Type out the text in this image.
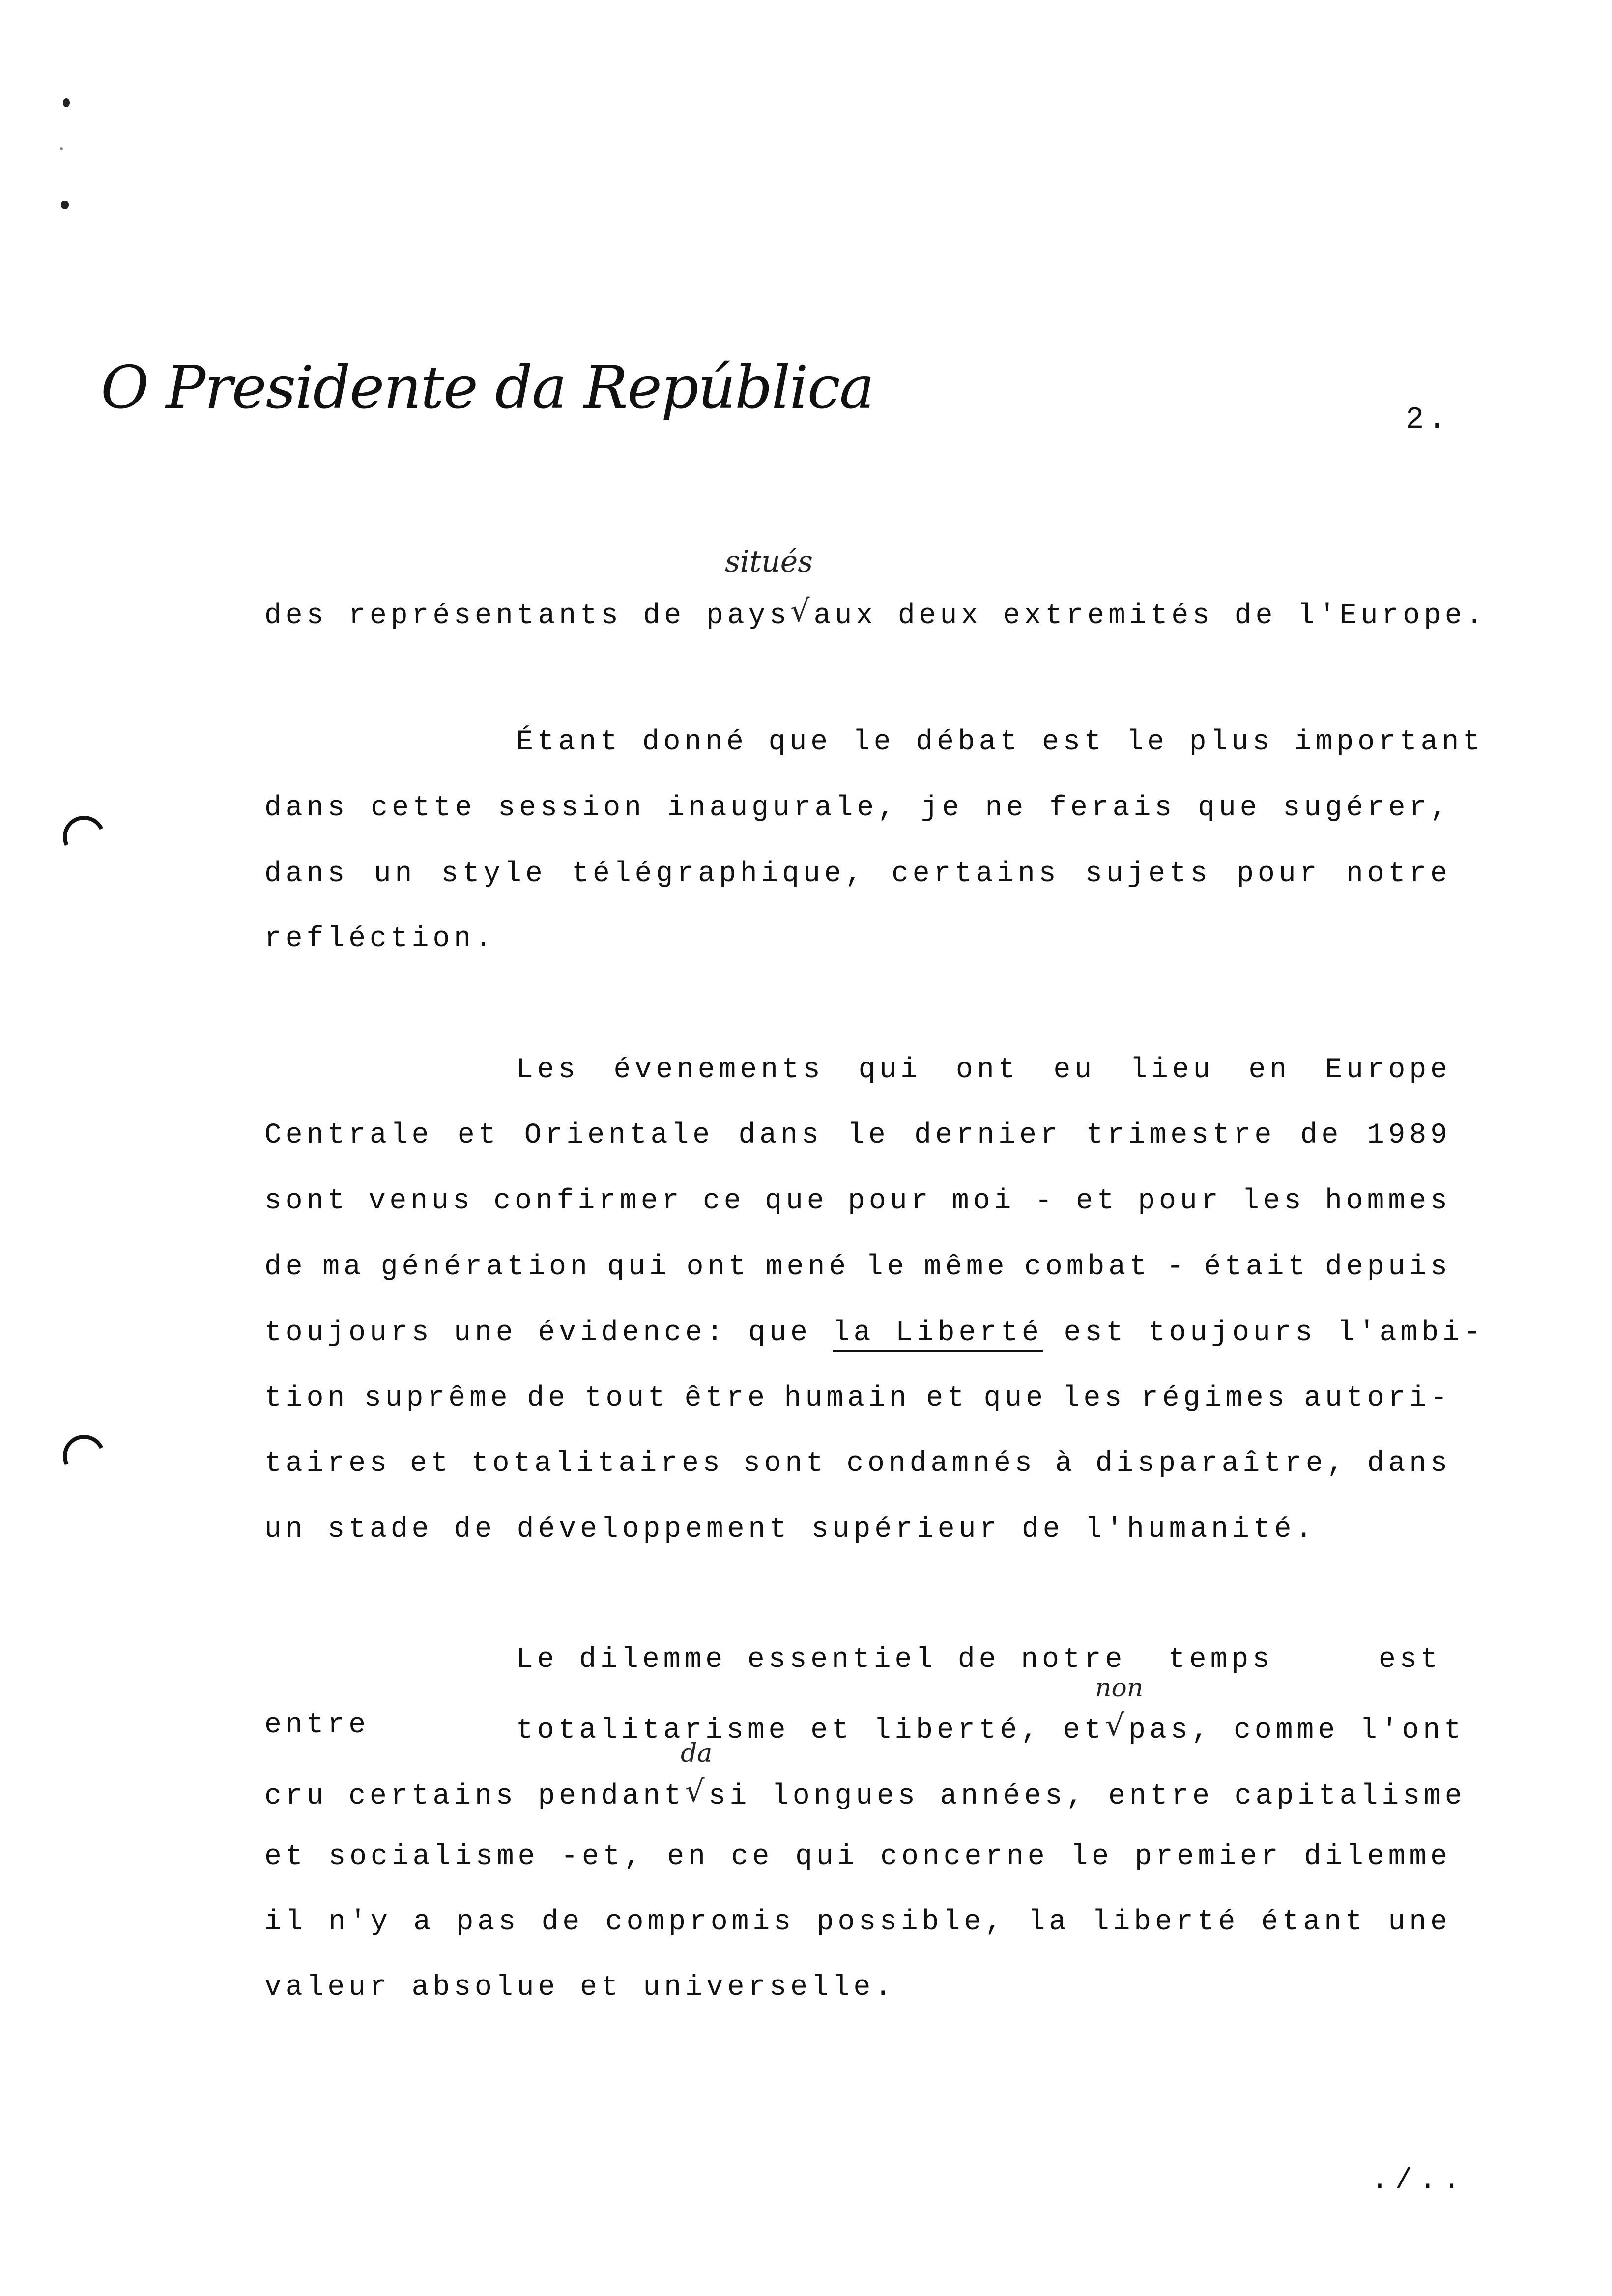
O Presidente da República	2.
situés
des représentants de pays√aux deux extremités de l'Europe.
Étant donné que le débat est le plus important
dans cette session inaugurale, je ne ferais que sugérer,
dans un style télégraphique, certains sujets pour notre
refléction.
Les évenements qui ont eu lieu en Europe
Centrale et Orientale dans le dernier trimestre de 1989
sont venus confirmer ce que pour moi - et pour les hommes
de ma génération qui ont mené le même combat - était depuis
toujours une évidence: que la Liberté est toujours l'ambi-
tion suprême de tout être humain et que les régimes autori-
taires et totalitaires sont condamnés à disparaître, dans
un stade de développement supérieur de l'humanité.
Le dilemme essentiel de notre  temps     est
non
entre	totalitarisme et liberté, et√pas, comme l'ont
da
cru certains pendant√si longues années, entre capitalisme
et socialisme -et, en ce qui concerne le premier dilemme
il n'y a pas de compromis possible, la liberté étant une
valeur absolue et universelle.
./..
